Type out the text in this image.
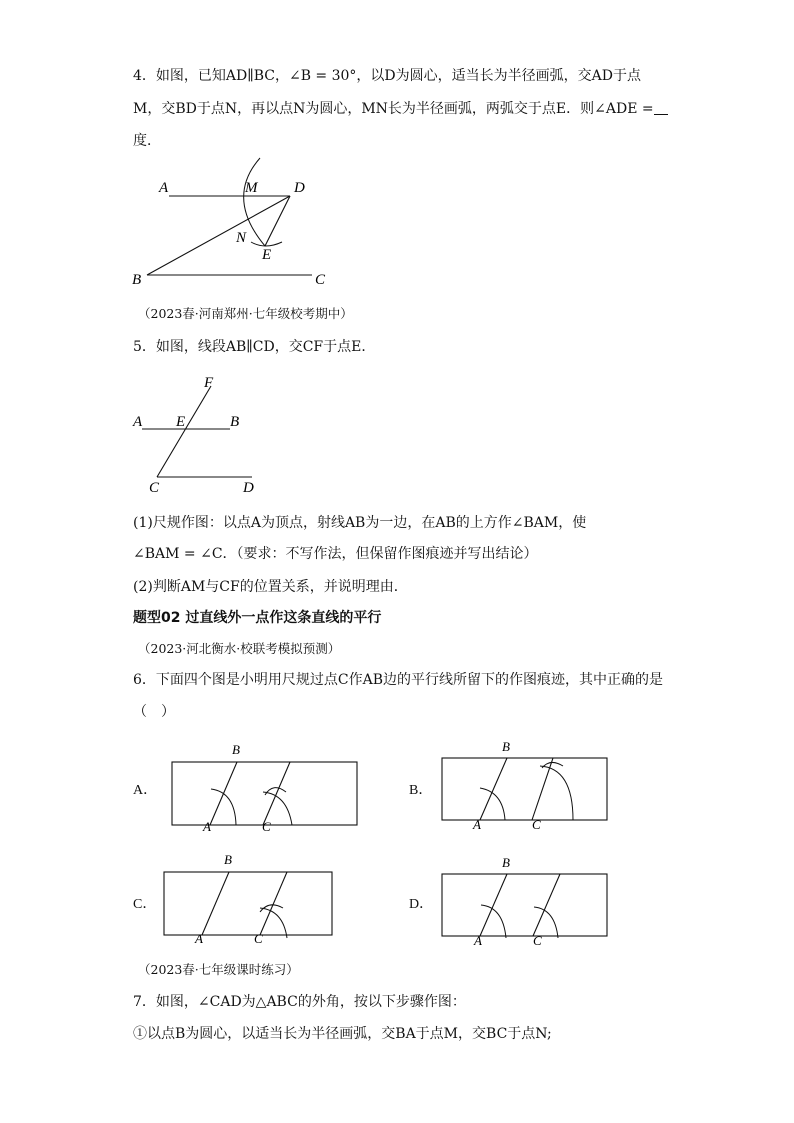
4．如图，已知AD∥BC，∠B = 30°，以D为圆心，适当长为半径画弧，交AD于点
M，交BD于点N，再以点N为圆心，MN长为半径画弧，两弧交于点E．则∠ADE =
度．
A	M D
N
E
B	C
（2023春·河南郑州·七年级校考期中）
5．如图，线段AB∥CD，交CF于点E．
F
A E	B
C	D
(1)尺规作图：以点A为顶点，射线AB为一边，在AB的上方作∠BAM，使
∠BAM = ∠C．（要求：不写作法，但保留作图痕迹并写出结论）
(2)判断AM与CF的位置关系，并说明理由．
题型02 过直线外一点作这条直线的平行
（2023·河北衡水·校联考模拟预测）
6．下面四个图是小明用尺规过点C作AB边的平行线所留下的作图痕迹，其中正确的是
（　）
A．
B
A	C
B．
B
A	C
C．
B
A	C
D．
B
A	C
（2023春·七年级课时练习）
7．如图，∠CAD为△ABC的外角，按以下步骤作图：
①以点B为圆心，以适当长为半径画弧，交BA于点M，交BC于点N;
